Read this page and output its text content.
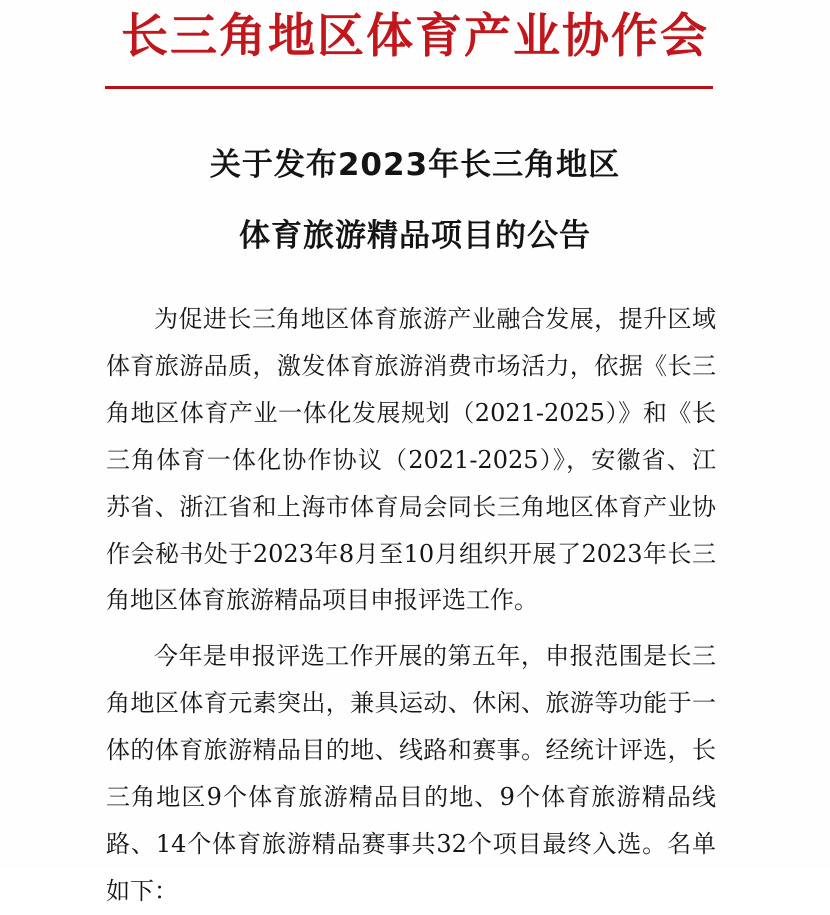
长三角地区体育产业协作会
关于发布2023年长三角地区
体育旅游精品项目的公告

为促进长三角地区体育旅游产业融合发展，提升区域体育旅游品质，激发体育旅游消费市场活力，依据《长三角地区体育产业一体化发展规划（2021-2025）》和《长三角体育一体化协作协议（2021-2025）》，安徽省、江苏省、浙江省和上海市体育局会同长三角地区体育产业协作会秘书处于2023年8月至10月组织开展了2023年长三角地区体育旅游精品项目申报评选工作。

今年是申报评选工作开展的第五年，申报范围是长三角地区体育元素突出，兼具运动、休闲、旅游等功能于一体的体育旅游精品目的地、线路和赛事。经统计评选，长三角地区9个体育旅游精品目的地、9个体育旅游精品线路、14个体育旅游精品赛事共32个项目最终入选。名单如下：
